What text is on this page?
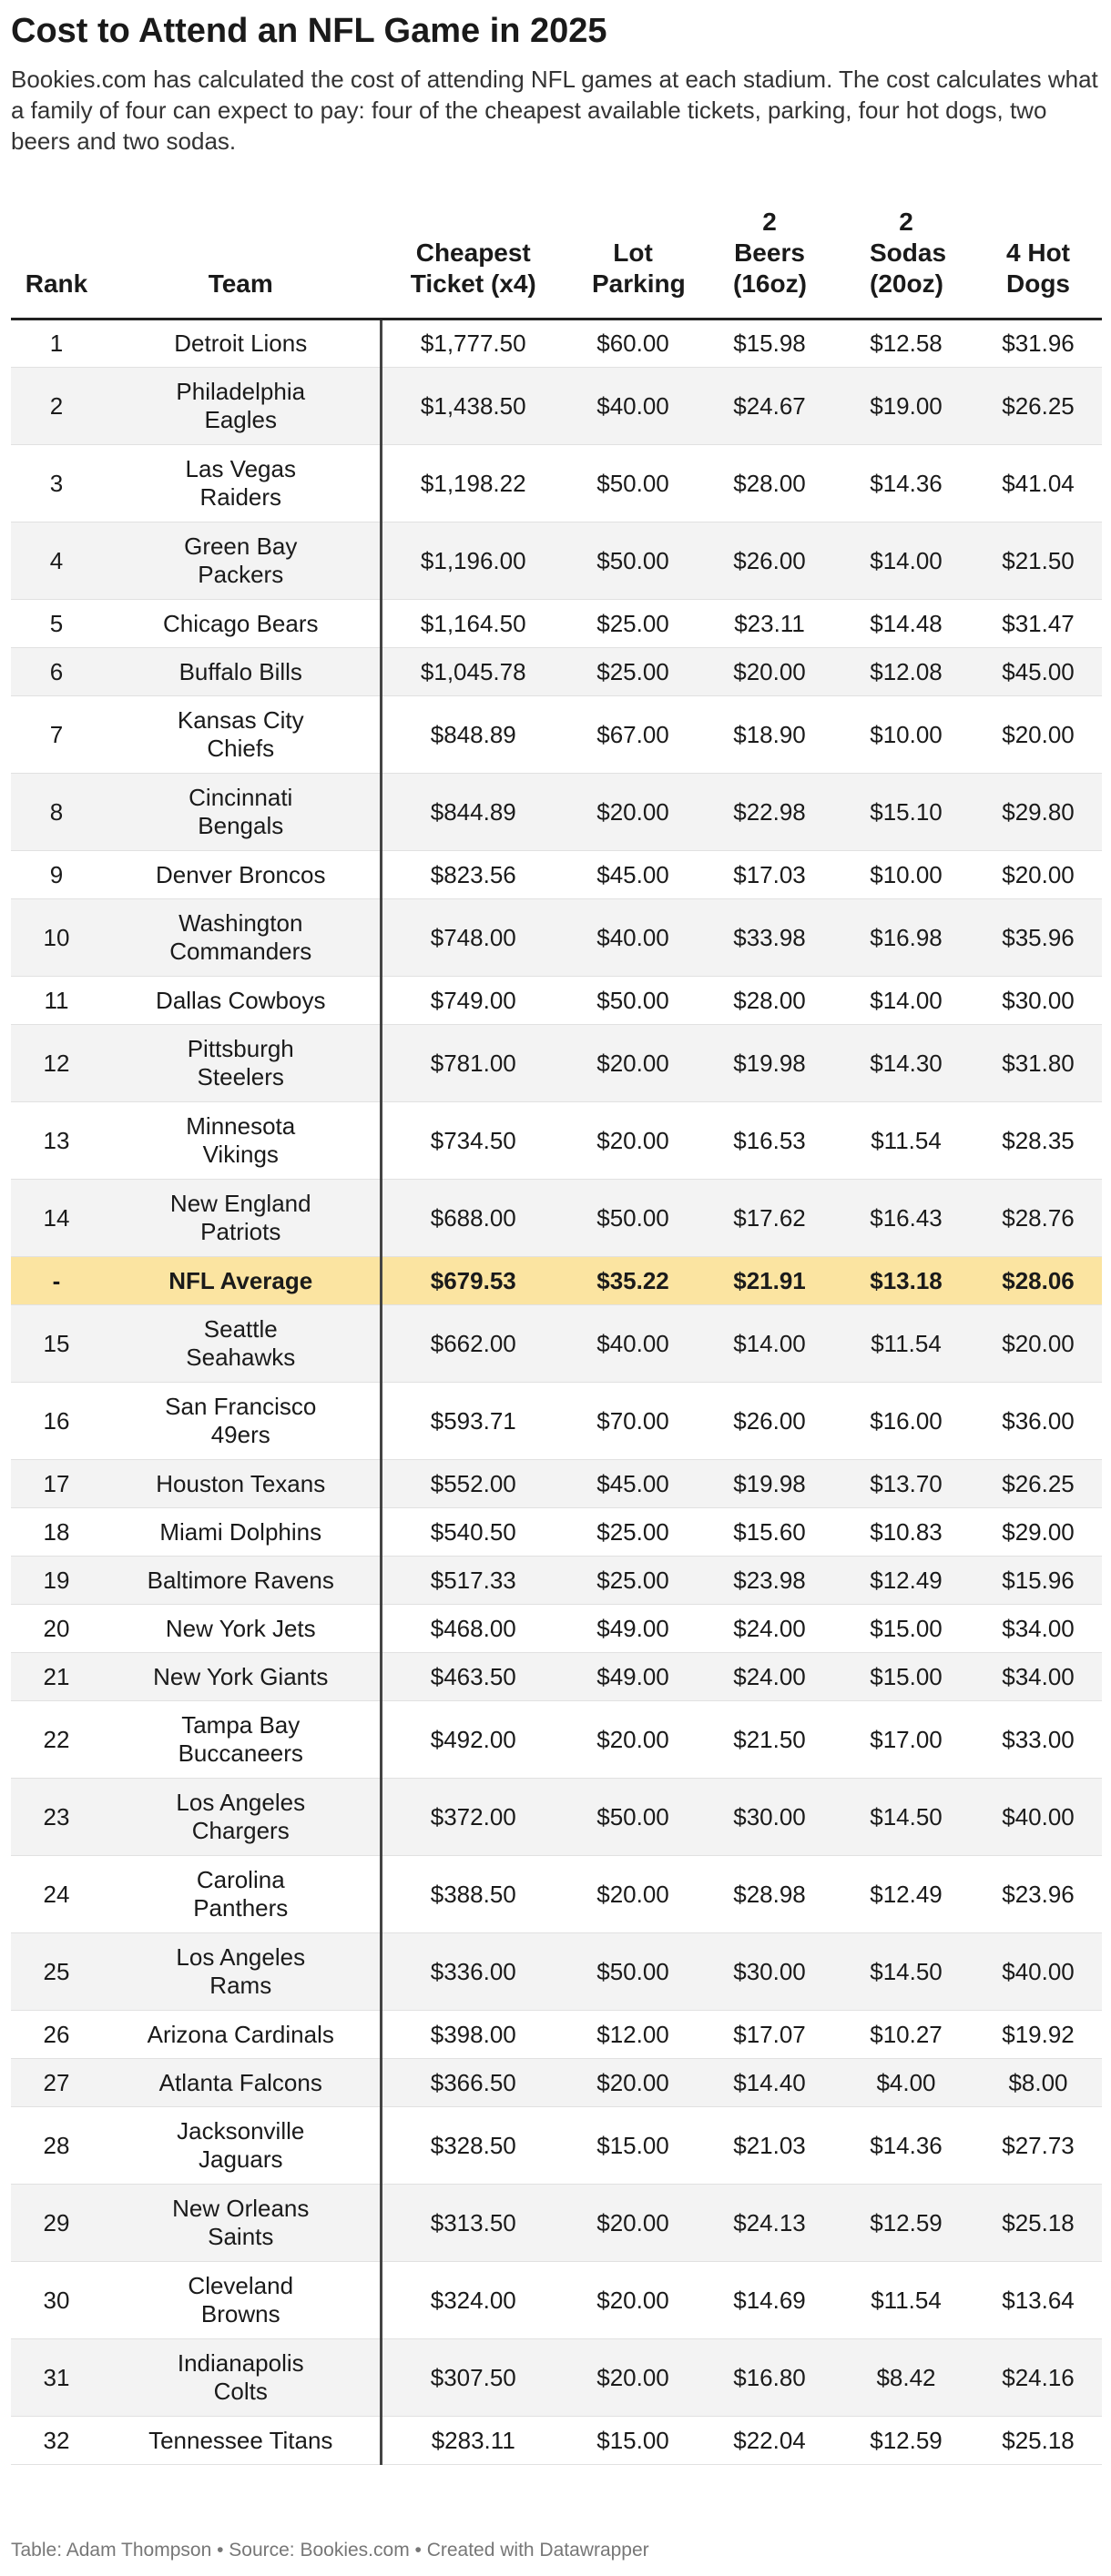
Cost to Attend an NFL Game in 2025

Bookies.com has calculated the cost of attending NFL games at each stadium. The cost calculates what a family of four can expect to pay: four of the cheapest available tickets, parking, four hot dogs, two beers and two sodas.

Rank	Team	Cheapest Ticket (x4)	Lot Parking	2 Beers (16oz)	2 Sodas (20oz)	4 Hot Dogs
1	Detroit Lions	$1,777.50	$60.00	$15.98	$12.58	$31.96
2	Philadelphia Eagles	$1,438.50	$40.00	$24.67	$19.00	$26.25
3	Las Vegas Raiders	$1,198.22	$50.00	$28.00	$14.36	$41.04
4	Green Bay Packers	$1,196.00	$50.00	$26.00	$14.00	$21.50
5	Chicago Bears	$1,164.50	$25.00	$23.11	$14.48	$31.47
6	Buffalo Bills	$1,045.78	$25.00	$20.00	$12.08	$45.00
7	Kansas City Chiefs	$848.89	$67.00	$18.90	$10.00	$20.00
8	Cincinnati Bengals	$844.89	$20.00	$22.98	$15.10	$29.80
9	Denver Broncos	$823.56	$45.00	$17.03	$10.00	$20.00
10	Washington Commanders	$748.00	$40.00	$33.98	$16.98	$35.96
11	Dallas Cowboys	$749.00	$50.00	$28.00	$14.00	$30.00
12	Pittsburgh Steelers	$781.00	$20.00	$19.98	$14.30	$31.80
13	Minnesota Vikings	$734.50	$20.00	$16.53	$11.54	$28.35
14	New England Patriots	$688.00	$50.00	$17.62	$16.43	$28.76
-	NFL Average	$679.53	$35.22	$21.91	$13.18	$28.06
15	Seattle Seahawks	$662.00	$40.00	$14.00	$11.54	$20.00
16	San Francisco 49ers	$593.71	$70.00	$26.00	$16.00	$36.00
17	Houston Texans	$552.00	$45.00	$19.98	$13.70	$26.25
18	Miami Dolphins	$540.50	$25.00	$15.60	$10.83	$29.00
19	Baltimore Ravens	$517.33	$25.00	$23.98	$12.49	$15.96
20	New York Jets	$468.00	$49.00	$24.00	$15.00	$34.00
21	New York Giants	$463.50	$49.00	$24.00	$15.00	$34.00
22	Tampa Bay Buccaneers	$492.00	$20.00	$21.50	$17.00	$33.00
23	Los Angeles Chargers	$372.00	$50.00	$30.00	$14.50	$40.00
24	Carolina Panthers	$388.50	$20.00	$28.98	$12.49	$23.96
25	Los Angeles Rams	$336.00	$50.00	$30.00	$14.50	$40.00
26	Arizona Cardinals	$398.00	$12.00	$17.07	$10.27	$19.92
27	Atlanta Falcons	$366.50	$20.00	$14.40	$4.00	$8.00
28	Jacksonville Jaguars	$328.50	$15.00	$21.03	$14.36	$27.73
29	New Orleans Saints	$313.50	$20.00	$24.13	$12.59	$25.18
30	Cleveland Browns	$324.00	$20.00	$14.69	$11.54	$13.64
31	Indianapolis Colts	$307.50	$20.00	$16.80	$8.42	$24.16
32	Tennessee Titans	$283.11	$15.00	$22.04	$12.59	$25.18
Table: Adam Thompson • Source: Bookies.com • Created with Datawrapper
